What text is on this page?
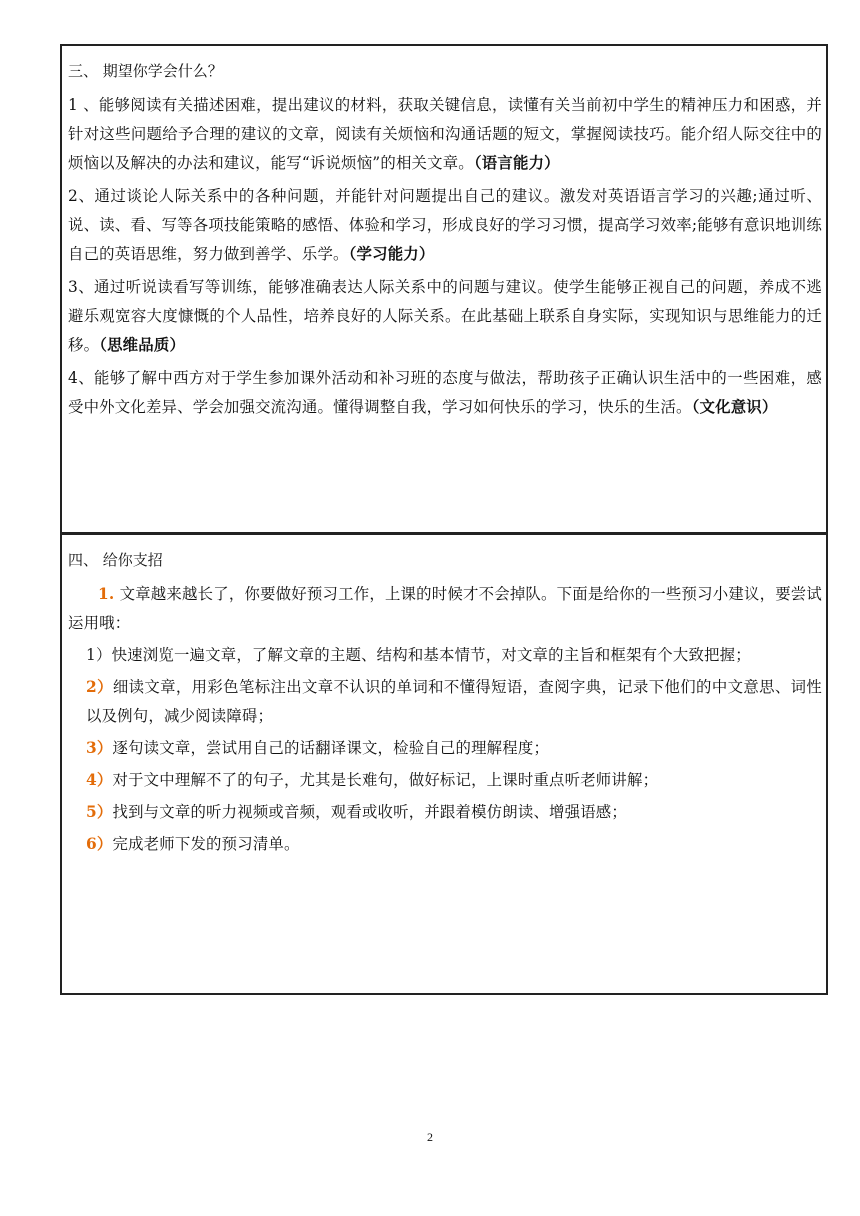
三、 期望你学会什么？

1 、能够阅读有关描述困难，提出建议的材料，获取关键信息，读懂有关当前初中学生的精神压力和困惑，并针对这些问题给予合理的建议的文章，阅读有关烦恼和沟通话题的短文，掌握阅读技巧。能介绍人际交往中的烦恼以及解决的办法和建议，能写“诉说烦恼”的相关文章。（语言能力）

2、通过谈论人际关系中的各种问题，并能针对问题提出自己的建议。激发对英语语言学习的兴趣;通过听、说、读、看、写等各项技能策略的感悟、体验和学习，形成良好的学习习惯，提高学习效率;能够有意识地训练自己的英语思维，努力做到善学、乐学。（学习能力）

3、通过听说读看写等训练，能够准确表达人际关系中的问题与建议。使学生能够正视自己的问题，养成不逃避乐观宽容大度慷慨的个人品性，培养良好的人际关系。在此基础上联系自身实际，实现知识与思维能力的迁移。（思维品质）

4、能够了解中西方对于学生参加课外活动和补习班的态度与做法，帮助孩子正确认识生活中的一些困难，感受中外文化差异、学会加强交流沟通。懂得调整自我，学习如何快乐的学习，快乐的生活。（文化意识）

四、 给你支招

1. 文章越来越长了，你要做好预习工作，上课的时候才不会掉队。下面是给你的一些预习小建议，要尝试运用哦：

1）快速浏览一遍文章，了解文章的主题、结构和基本情节，对文章的主旨和框架有个大致把握；

2）细读文章，用彩色笔标注出文章不认识的单词和不懂得短语，查阅字典，记录下他们的中文意思、词性以及例句，减少阅读障碍；

3）逐句读文章，尝试用自己的话翻译课文，检验自己的理解程度；

4）对于文中理解不了的句子，尤其是长难句，做好标记，上课时重点听老师讲解；

5）找到与文章的听力视频或音频，观看或收听，并跟着模仿朗读、增强语感；

6）完成老师下发的预习清单。

2
